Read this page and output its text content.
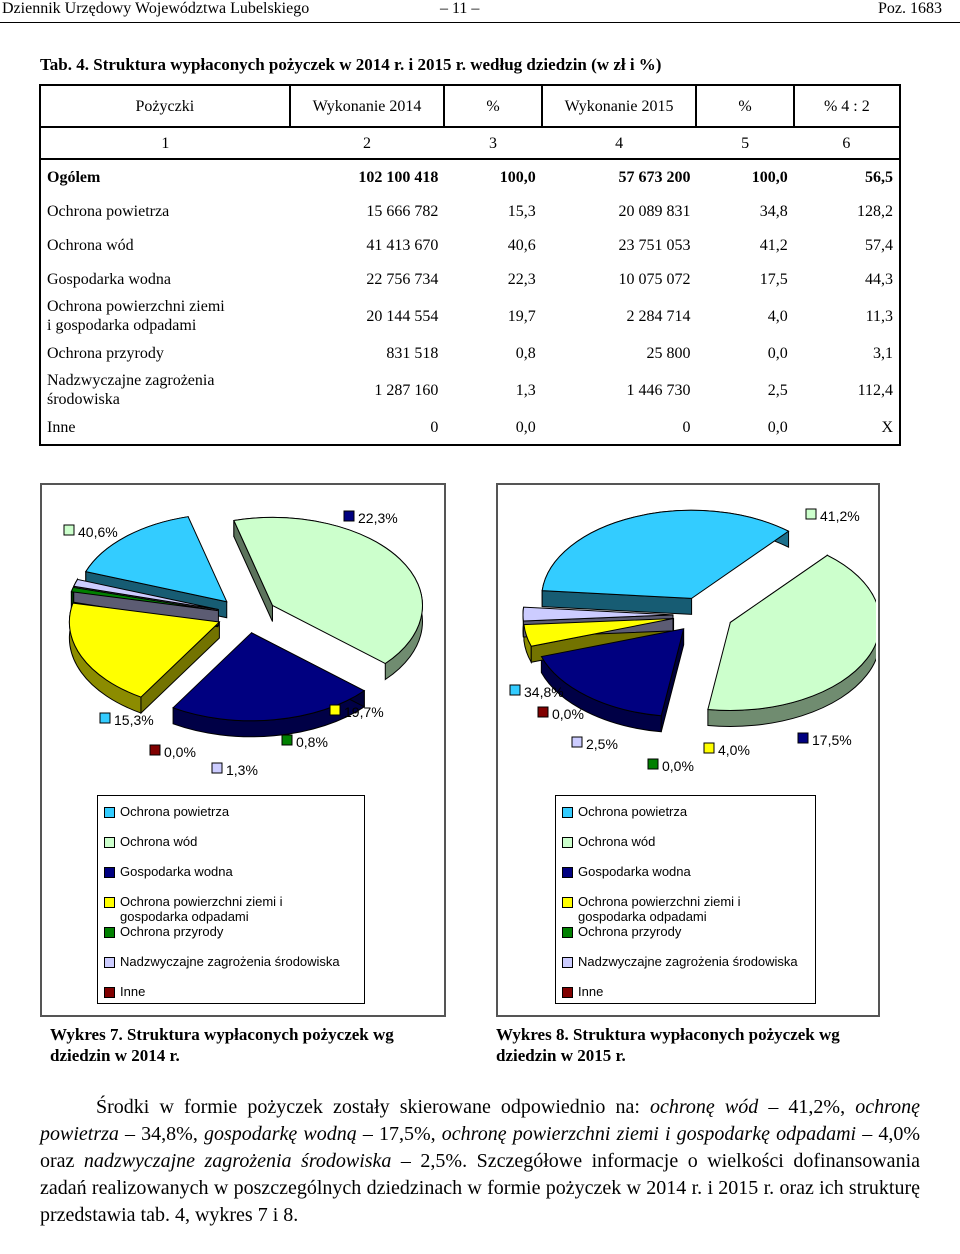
Dziennik Urzędowy Województwa Lubelskiego	– 11 –	Poz. 1683
Tab. 4. Struktura wypłaconych pożyczek w 2014 r. i 2015 r. według dziedzin (w zł i %)
Pożyczki	Wykonanie 2014	%	Wykonanie 2015	%	% 4 : 2
1	2	3	4	5	6
Ogólem	102 100 418	100,0	57 673 200	100,0	56,5
Ochrona powietrza	15 666 782	15,3	20 089 831	34,8	128,2
Ochrona wód	41 413 670	40,6	23 751 053	41,2	57,4
Gospodarka wodna	22 756 734	22,3	10 075 072	17,5	44,3
Ochrona powierzchni ziemi
i gospodarka odpadami	20 144 554	19,7	2 284 714	4,0	11,3
Ochrona przyrody	831 518	0,8	25 800	0,0	3,1
Nadzwyczajne zagrożenia
środowiska	1 287 160	1,3	1 446 730	2,5	112,4
Inne	0	0,0	0	0,0	X
15,3%
40,6%
22,3%
19,7%
0,8%
1,3%
0,0%
Ochrona powietrza
Ochrona wód
Gospodarka wodna
Ochrona powierzchni ziemi i
gospodarka odpadami
Ochrona przyrody
Nadzwyczajne zagrożenia środowiska
Inne
34,8%
41,2%
17,5%
4,0%
0,0%
2,5%
0,0%
Ochrona powietrza
Ochrona wód
Gospodarka wodna
Ochrona powierzchni ziemi i
gospodarka odpadami
Ochrona przyrody
Nadzwyczajne zagrożenia środowiska
Inne
Wykres 7. Struktura wypłaconych pożyczek wg
dziedzin w 2014 r.
Wykres 8. Struktura wypłaconych pożyczek wg
dziedzin w 2015 r.
Środki w formie pożyczek zostały skierowane odpowiednio na: ochronę wód – 41,2%, ochronę powietrza – 34,8%, gospodarkę wodną – 17,5%, ochronę powierzchni ziemi i gospodarkę odpadami – 4,0% oraz nadzwyczajne zagrożenia środowiska – 2,5%. Szczegółowe informacje o wielkości dofinansowania zadań realizowanych w poszczególnych dziedzinach w formie pożyczek w 2014 r. i 2015 r. oraz ich strukturę przedstawia tab. 4, wykres 7 i 8.
